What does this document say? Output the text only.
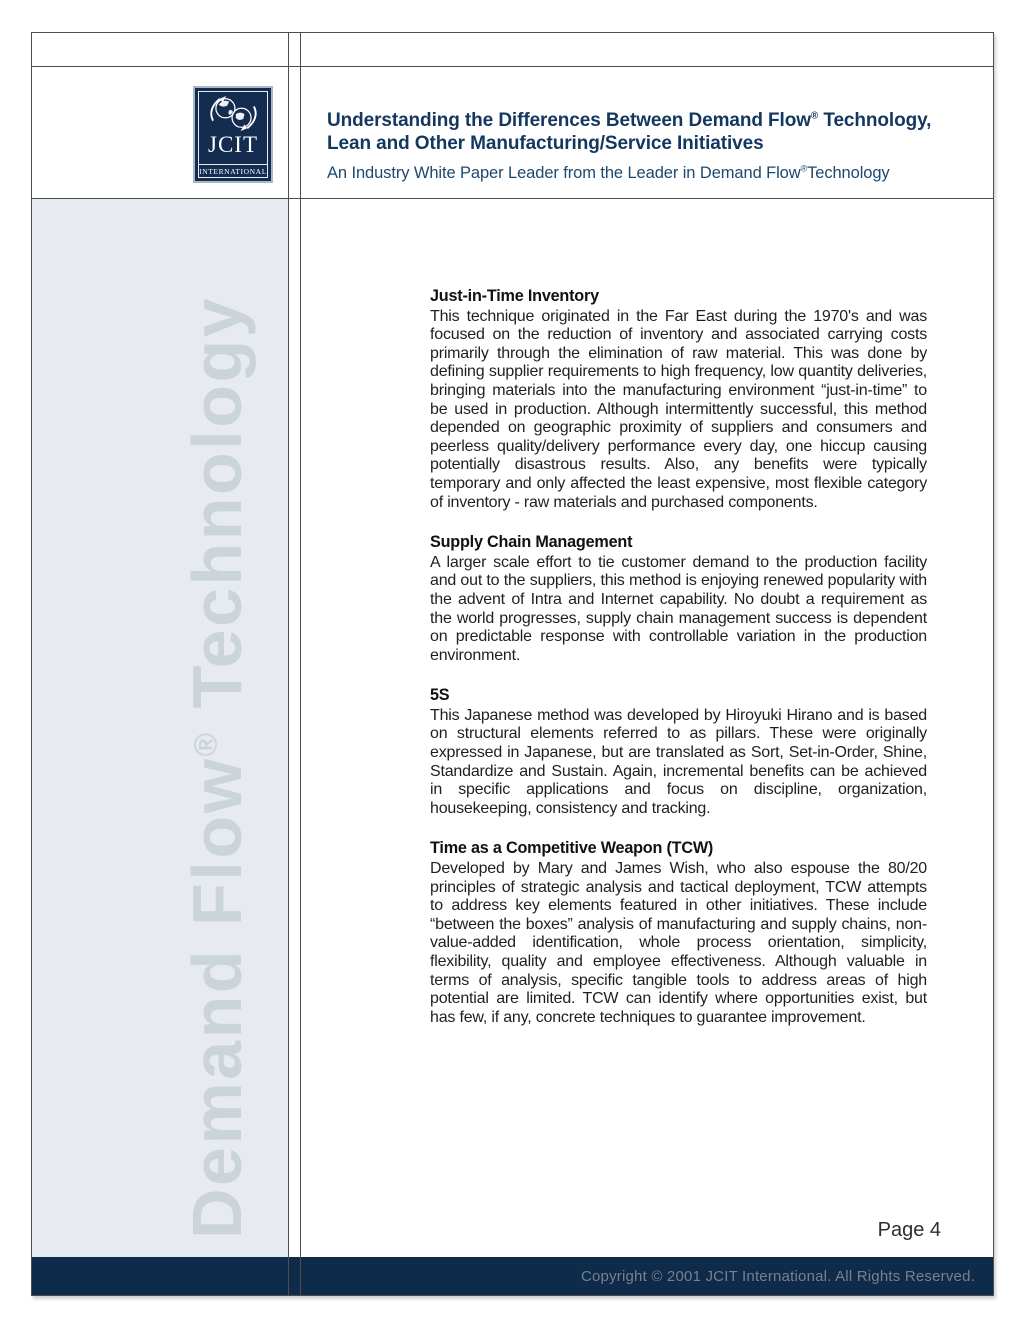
JCIT
INTERNATIONAL
Understanding the Differences Between Demand Flow® Technology,
Lean and Other Manufacturing/Service Initiatives
An Industry White Paper Leader from the Leader in Demand Flow®Technology
Demand Flow® Technology	Just-in-Time Inventory

This technique originated in the Far East during the 1970's and was focused on the reduction of inventory and associated carrying costs primarily through the elimination of raw material. This was done by defining supplier requirements to high frequency, low quantity deliveries, bringing materials into the manufacturing environment “just-in-time” to be used in production. Although intermittently successful, this method depended on geographic proximity of suppliers and consumers and peerless quality/delivery performance every day, one hiccup causing potentially disastrous results. Also, any benefits were typically temporary and only affected the least expensive, most flexible category of inventory - raw materials and purchased components.

Supply Chain Management

A larger scale effort to tie customer demand to the production facility and out to the suppliers, this method is enjoying renewed popularity with the advent of Intra and Internet capability. No doubt a requirement as the world progresses, supply chain management success is dependent on predictable response with controllable variation in the production environment.

5S

This Japanese method was developed by Hiroyuki Hirano and is based on structural elements referred to as pillars. These were originally expressed in Japanese, but are translated as Sort, Set-in-Order, Shine, Standardize and Sustain. Again, incremental benefits can be achieved in specific applications and focus on discipline, organization, housekeeping, consistency and tracking.

Time as a Competitive Weapon (TCW)

Developed by Mary and James Wish, who also espouse the 80/20 principles of strategic analysis and tactical deployment, TCW attempts to address key elements featured in other initiatives. These include “between the boxes” analysis of manufacturing and supply chains, non-value-added identification, whole process orientation, simplicity, flexibility, quality and employee effectiveness. Although valuable in terms of analysis, specific tangible tools to address areas of high potential are limited. TCW can identify where opportunities exist, but has few, if any, concrete techniques to guarantee improvement.

Page 4
Copyright © 2001 JCIT International. All Rights Reserved.
